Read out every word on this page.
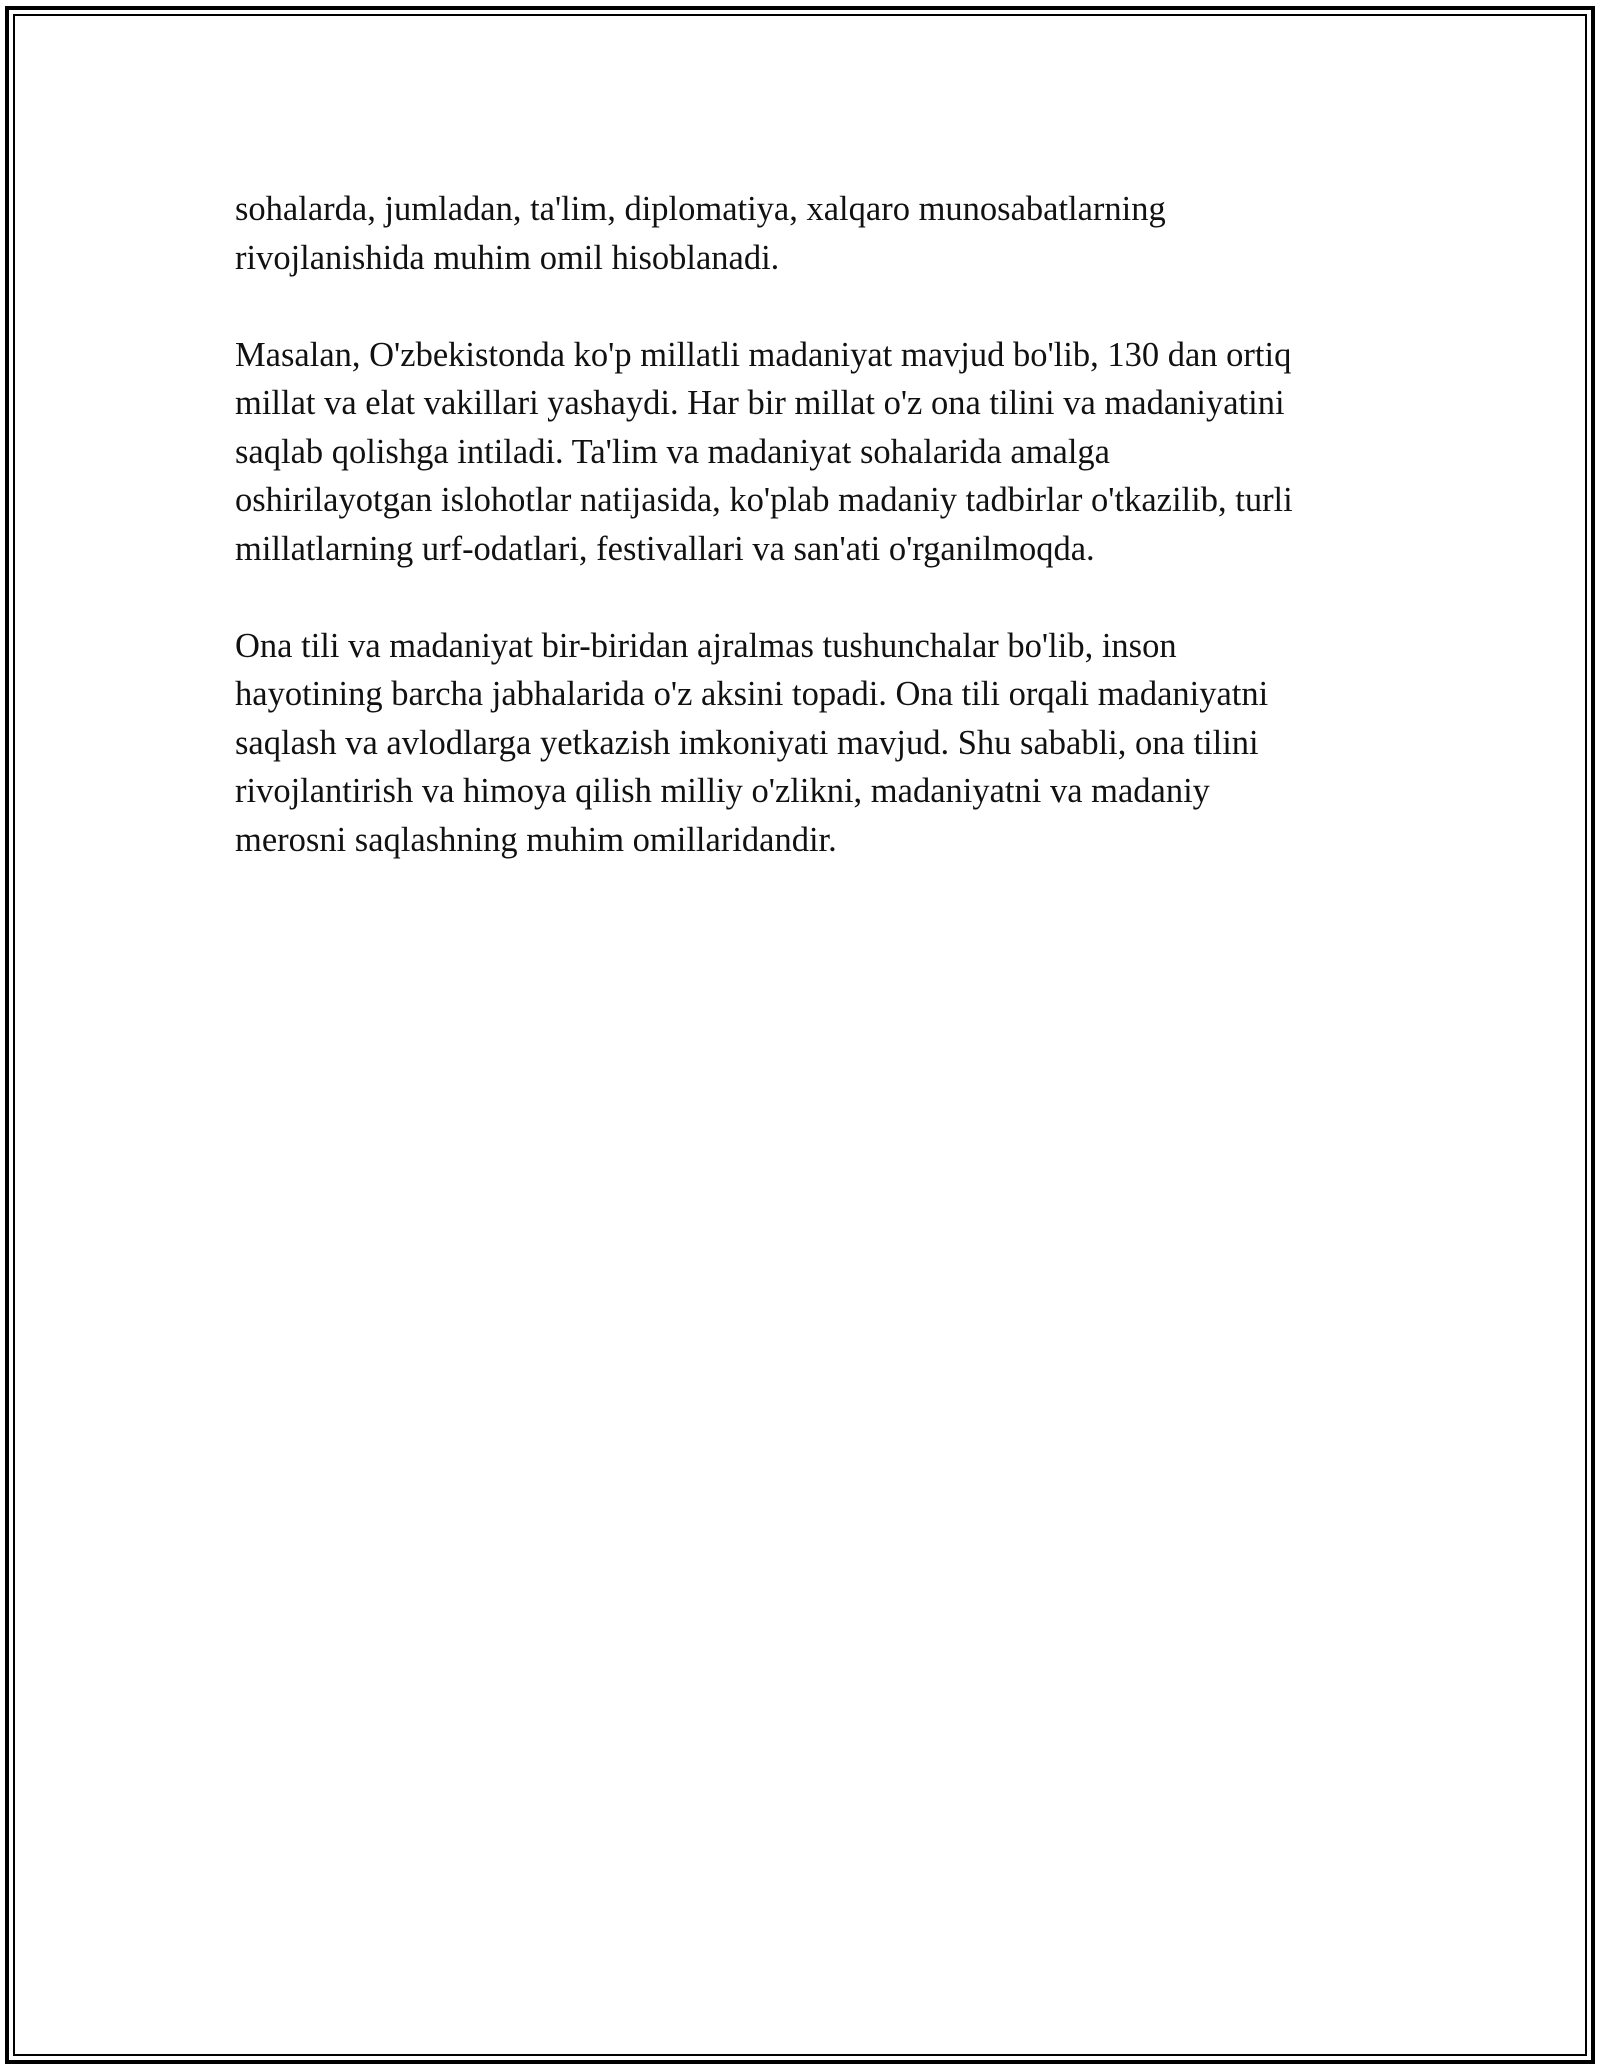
sohalarda, jumladan, ta'lim, diplomatiya, xalqaro munosabatlarning
rivojlanishida muhim omil hisoblanadi.

Masalan, O'zbekistonda ko'p millatli madaniyat mavjud bo'lib, 130 dan ortiq
millat va elat vakillari yashaydi. Har bir millat o'z ona tilini va madaniyatini
saqlab qolishga intiladi. Ta'lim va madaniyat sohalarida amalga
oshirilayotgan islohotlar natijasida, ko'plab madaniy tadbirlar o'tkazilib, turli
millatlarning urf-odatlari, festivallari va san'ati o'rganilmoqda.

Ona tili va madaniyat bir-biridan ajralmas tushunchalar bo'lib, inson
hayotining barcha jabhalarida o'z aksini topadi. Ona tili orqali madaniyatni
saqlash va avlodlarga yetkazish imkoniyati mavjud. Shu sababli, ona tilini
rivojlantirish va himoya qilish milliy o'zlikni, madaniyatni va madaniy
merosni saqlashning muhim omillaridandir.
